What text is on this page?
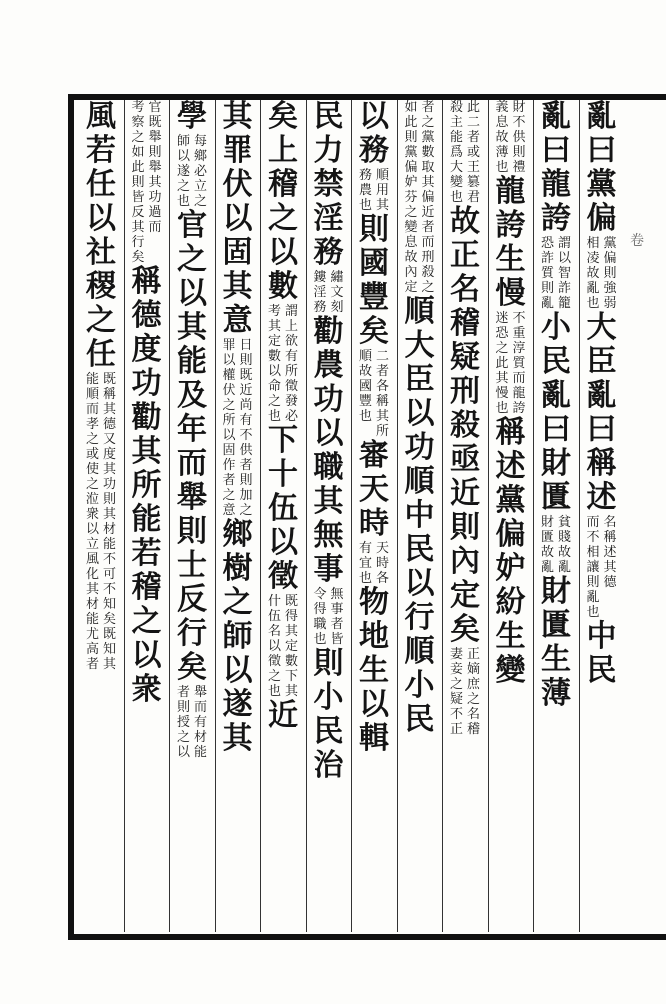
亂曰黨偏
黨偏則強弱
相凌故亂也
大臣亂曰稱述
名稱述其德
而不相讓則亂也
中民
亂曰龍誇
謂以智詐籠
恐詐質則亂
小民亂曰財匱
貧賤故亂
財匱故亂
財匱生薄
財不供則禮
義息故薄也
龍誇生慢
不重淳質而龍誇
迷恐之此其慢也
稱述黨偏妒紛生變
此二者或王篡君
殺主能爲大變也
故正名稽疑刑殺亟近則內定矣
正嫡庶之名稽
妻妾之疑不正
者之黨數取其偏近者而刑殺之
如此則黨偏妒芬之變息故內定
順大臣以功順中民以行順小民
以務
順用其
務農也
則國豐矣
二者各稱其所
順故國豐也
審天時
天時各
有宜也
物地生以輯
民力禁淫務
繡文刻
鏤淫務
勸農功以職其無事
無事者皆
令得職也
則小民治
矣上稽之以數
謂上欲有所徵發必
考其定數以命之也
下十伍以徵
既得其定數下其
什伍名以徵之也
近
其罪伏以固其意
日則既近尚有不供者則加之
罪以權伏之所以固作者之意
鄉樹之師以遂其
學
每鄉必立之
師以遂之也
官之以其能及年而舉則士反行矣
舉而有材能
者則授之以
官既舉則舉其功過而
考察之如此則皆反其行矣
稱德度功勸其所能若稽之以衆
風若任以社稷之任
既稱其德又度其功則其材能不可不知矣既知其
能順而孝之或使之涖衆以立風化其材能尤高者
卷
